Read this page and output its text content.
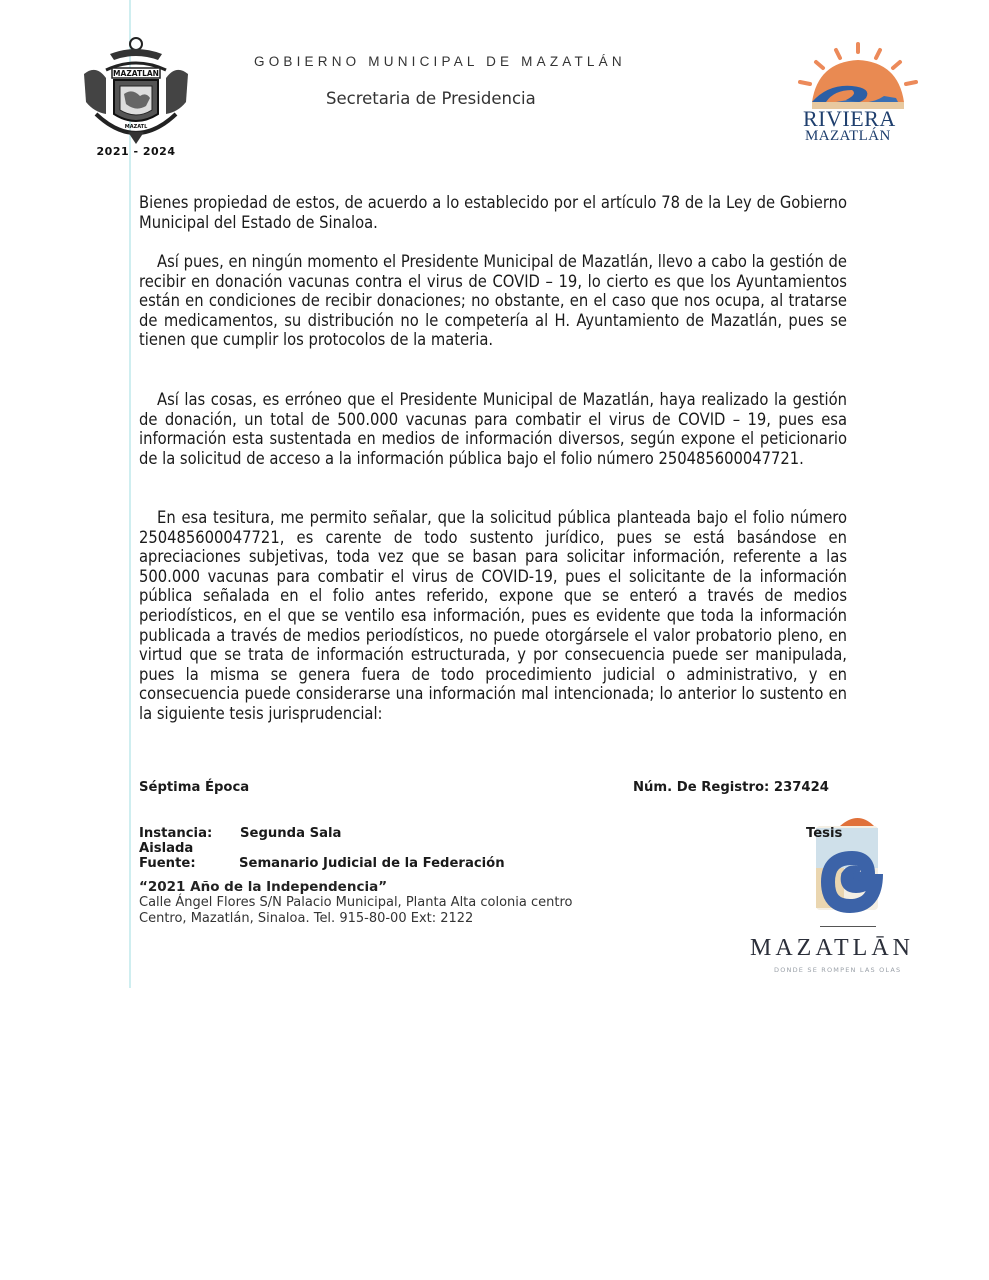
MAZATLAN
MAZATL
2021 - 2024
GOBIERNO MUNICIPAL DE MAZATLÁN
Secretaria de Presidencia
RIVIERA
MAZATLÁN

Bienes propiedad de estos, de acuerdo a lo establecido por el artículo 78 de la Ley de Gobierno Municipal del Estado de Sinaloa.

Así pues, en ningún momento el Presidente Municipal de Mazatlán, llevo a cabo la gestión de recibir en donación vacunas contra el virus de COVID – 19, lo cierto es que los Ayuntamientos están en condiciones de recibir donaciones; no obstante, en el caso que nos ocupa, al tratarse de medicamentos, su distribución no le competería al H. Ayuntamiento de Mazatlán, pues se tienen que cumplir los protocolos de la materia.

Así las cosas, es erróneo que el Presidente Municipal de Mazatlán, haya realizado la gestión de donación, un total de 500.000 vacunas para combatir el virus de COVID – 19, pues esa información esta sustentada en medios de información diversos, según expone el peticionario de la solicitud de acceso a la información pública bajo el folio número 250485600047721.

En esa tesitura, me permito señalar, que la solicitud pública planteada bajo el folio número 250485600047721, es carente de todo sustento jurídico, pues se está basándose en apreciaciones subjetivas, toda vez que se basan para solicitar información, referente a las 500.000 vacunas para combatir el virus de COVID-19, pues el solicitante de la información pública señalada en el folio antes referido, expone que se enteró a través de medios periodísticos, en el que se ventilo esa información, pues es evidente que toda la información publicada a través de medios periodísticos, no puede otorgársele el valor probatorio pleno, en virtud que se trata de información estructurada, y por consecuencia puede ser manipulada, pues la misma se genera fuera de todo procedimiento judicial o administrativo, y en consecuencia puede considerarse una información mal intencionada; lo anterior lo sustento en la siguiente tesis jurisprudencial:

Séptima Época	Núm. De Registro: 237424
Instancia: Segunda Sala
Aislada
Fuente:	Semanario Judicial de la Federación
“2021 Año de la Independencia”
Calle Ángel Flores S/N Palacio Municipal, Planta Alta colonia centro
Centro, Mazatlán, Sinaloa. Tel. 915-80-00 Ext: 2122
Tesis
MAZATLĀN
DONDE SE ROMPEN LAS OLAS
